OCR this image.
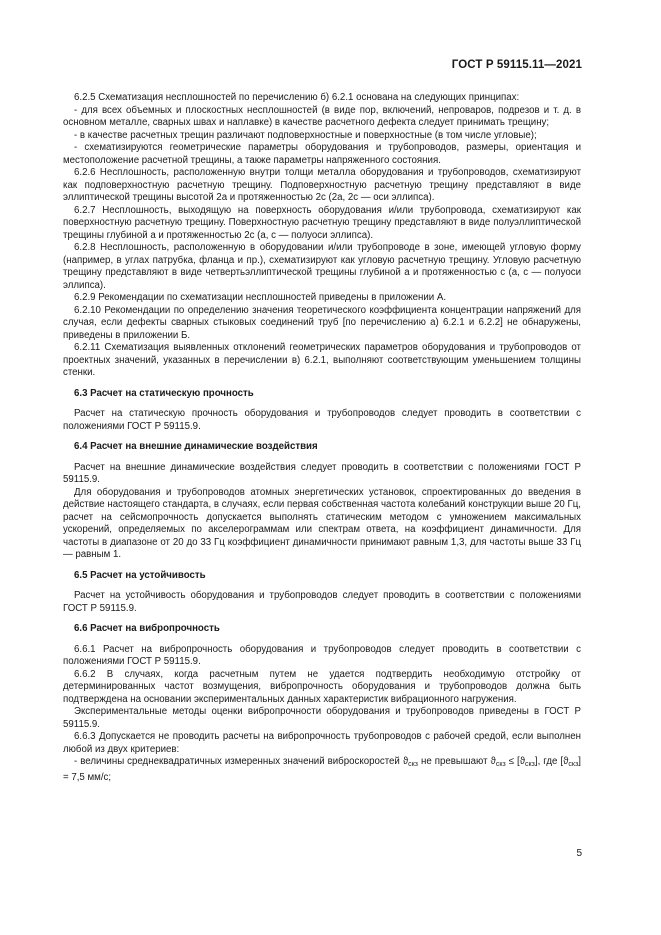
ГОСТ Р 59115.11—2021

6.2.5 Схематизация несплошностей по перечислению б) 6.2.1 основана на следующих принципах:

- для всех объемных и плоскостных несплошностей (в виде пор, включений, непроваров, подрезов и т. д. в основном металле, сварных швах и наплавке) в качестве расчетного дефекта следует принимать трещину;

- в качестве расчетных трещин различают подповерхностные и поверхностные (в том числе угловые);

- схематизируются геометрические параметры оборудования и трубопроводов, размеры, ориентация и местоположение расчетной трещины, а также параметры напряженного состояния.

6.2.6 Несплошность, расположенную внутри толщи металла оборудования и трубопроводов, схематизируют как подповерхностную расчетную трещину. Подповерхностную расчетную трещину представляют в виде эллиптической трещины высотой 2a и протяженностью 2c (2a, 2c — оси эллипса).

6.2.7 Несплошность, выходящую на поверхность оборудования и/или трубопровода, схематизируют как поверхностную расчетную трещину. Поверхностную расчетную трещину представляют в виде полуэллиптической трещины глубиной a и протяженностью 2c (a, c — полуоси эллипса).

6.2.8 Несплошность, расположенную в оборудовании и/или трубопроводе в зоне, имеющей угловую форму (например, в углах патрубка, фланца и пр.), схематизируют как угловую расчетную трещину. Угловую расчетную трещину представляют в виде четвертьэллиптической трещины глубиной a и протяженностью c (a, c — полуоси эллипса).

6.2.9 Рекомендации по схематизации несплошностей приведены в приложении А.

6.2.10 Рекомендации по определению значения теоретического коэффициента концентрации напряжений для случая, если дефекты сварных стыковых соединений труб [по перечислению а) 6.2.1 и 6.2.2] не обнаружены, приведены в приложении Б.

6.2.11 Схематизация выявленных отклонений геометрических параметров оборудования и трубопроводов от проектных значений, указанных в перечислении в) 6.2.1, выполняют соответствующим уменьшением толщины стенки.

6.3 Расчет на статическую прочность

Расчет на статическую прочность оборудования и трубопроводов следует проводить в соответствии с положениями ГОСТ Р 59115.9.

6.4 Расчет на внешние динамические воздействия

Расчет на внешние динамические воздействия следует проводить в соответствии с положениями ГОСТ Р 59115.9.

Для оборудования и трубопроводов атомных энергетических установок, спроектированных до введения в действие настоящего стандарта, в случаях, если первая собственная частота колебаний конструкции выше 20 Гц, расчет на сейсмопрочность допускается выполнять статическим методом с умножением максимальных ускорений, определяемых по акселерограммам или спектрам ответа, на коэффициент динамичности. Для частоты в диапазоне от 20 до 33 Гц коэффициент динамичности принимают равным 1,3, для частоты выше 33 Гц — равным 1.

6.5 Расчет на устойчивость

Расчет на устойчивость оборудования и трубопроводов следует проводить в соответствии с положениями ГОСТ Р 59115.9.

6.6 Расчет на вибропрочность

6.6.1 Расчет на вибропрочность оборудования и трубопроводов следует проводить в соответствии с положениями ГОСТ Р 59115.9.

6.6.2 В случаях, когда расчетным путем не удается подтвердить необходимую отстройку от детерминированных частот возмущения, вибропрочность оборудования и трубопроводов должна быть подтверждена на основании экспериментальных данных характеристик вибрационного нагружения.

Экспериментальные методы оценки вибропрочности оборудования и трубопроводов приведены в ГОСТ Р 59115.9.

6.6.3 Допускается не проводить расчеты на вибропрочность трубопроводов с рабочей средой, если выполнен любой из двух критериев:

- величины среднеквадратичных измеренных значений виброскоростей $ϑ_{скз}$ не превышают $ϑ_{скз} \le [ϑ_{скз}]$, где $[ϑ_{скз}] = 7,5$ мм/с;

5
